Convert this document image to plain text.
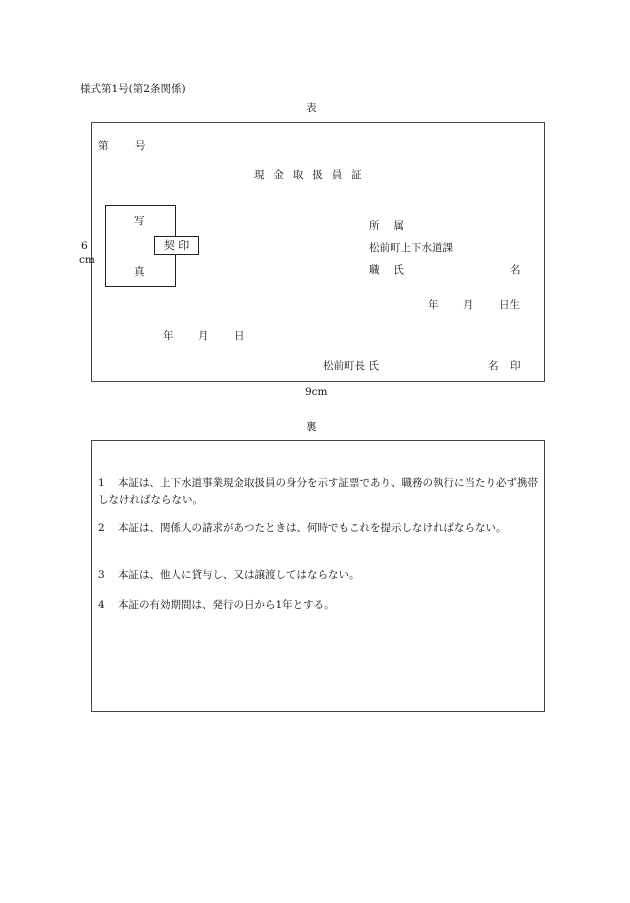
様式第1号(第2条関係)
表
第	号
現金取扱員証
写
真
契 印
所 属
松前町上下水道課
職 氏	名
年 月 日生
年 月 日
松前町長 氏	名 印
6
cm
9cm
裏
1 本証は、上下水道事業現金取扱員の身分を示す証票であり、職務の執行に当たり必ず携帯しなければならない。
2 本証は、関係人の請求があつたときは、何時でもこれを提示しなければならない。
3 本証は、他人に貸与し、又は譲渡してはならない。
4 本証の有効期間は、発行の日から1年とする。
